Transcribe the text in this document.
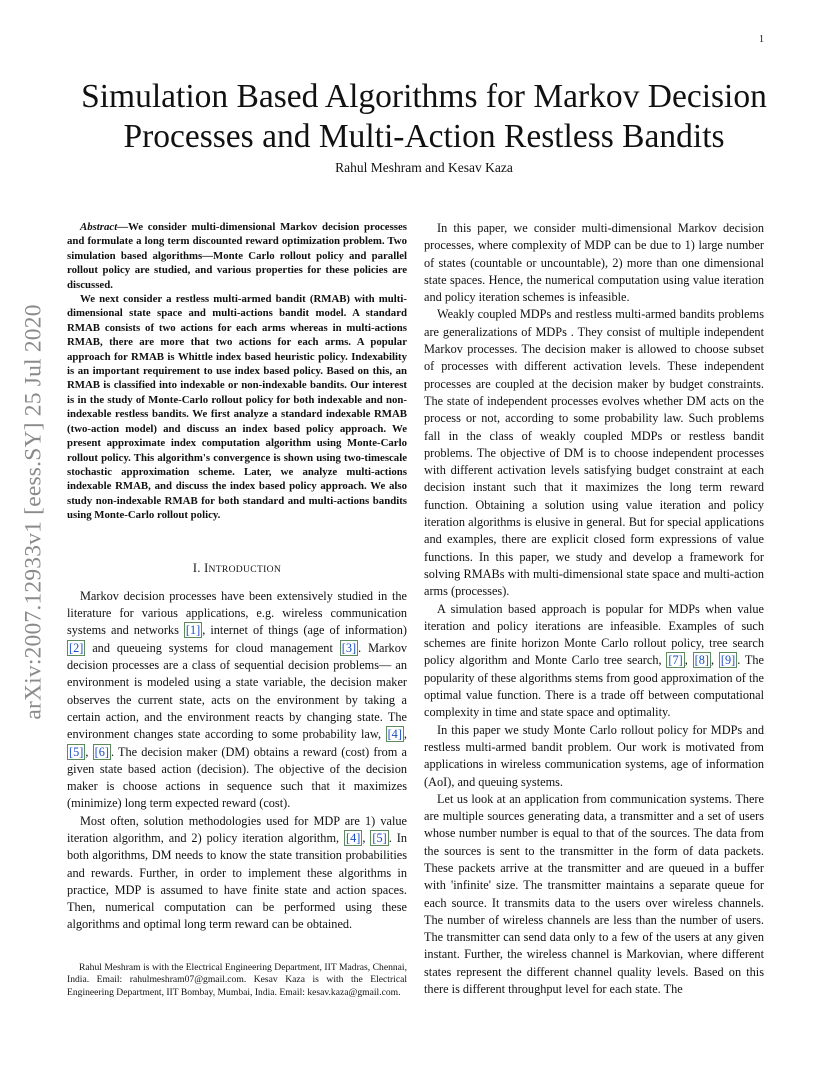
1
arXiv:2007.12933v1 [eess.SY] 25 Jul 2020
Simulation Based Algorithms for Markov Decision Processes and Multi-Action Restless Bandits
Rahul Meshram and Kesav Kaza

Abstract—We consider multi-dimensional Markov decision processes and formulate a long term discounted reward optimization problem. Two simulation based algorithms—Monte Carlo rollout policy and parallel rollout policy are studied, and various properties for these policies are discussed.

We next consider a restless multi-armed bandit (RMAB) with multi-dimensional state space and multi-actions bandit model. A standard RMAB consists of two actions for each arms whereas in multi-actions RMAB, there are more that two actions for each arms. A popular approach for RMAB is Whittle index based heuristic policy. Indexability is an important requirement to use index based policy. Based on this, an RMAB is classified into indexable or non-indexable bandits. Our interest is in the study of Monte-Carlo rollout policy for both indexable and non-indexable restless bandits. We first analyze a standard indexable RMAB (two-action model) and discuss an index based policy approach. We present approximate index computation algorithm using Monte-Carlo rollout policy. This algorithm's convergence is shown using two-timescale stochastic approximation scheme. Later, we analyze multi-actions indexable RMAB, and discuss the index based policy approach. We also study non-indexable RMAB for both standard and multi-actions bandits using Monte-Carlo rollout policy.

I. INTRODUCTION

Markov decision processes have been extensively studied in the literature for various applications, e.g. wireless communication systems and networks [1] , internet of things (age of information) [2] and queueing systems for cloud management [3] . Markov decision processes are a class of sequential decision problems— an environment is modeled using a state variable, the decision maker observes the current state, acts on the environment by taking a certain action, and the environment reacts by changing state. The environment changes state according to some probability law, [4] , [5] , [6] . The decision maker (DM) obtains a reward (cost) from a given state based action (decision). The objective of the decision maker is choose actions in sequence such that it maximizes (minimize) long term expected reward (cost).

Most often, solution methodologies used for MDP are 1) value iteration algorithm, and 2) policy iteration algorithm, [4] , [5] . In both algorithms, DM needs to know the state transition probabilities and rewards. Further, in order to implement these algorithms in practice, MDP is assumed to have finite state and action spaces. Then, numerical computation can be performed using these algorithms and optimal long term reward can be obtained.

Rahul Meshram is with the Electrical Engineering Department, IIT Madras, Chennai, India. Email: rahulmeshram07@gmail.com. Kesav Kaza is with the Electrical Engineering Department, IIT Bombay, Mumbai, India. Email: kesav.kaza@gmail.com.

In this paper, we consider multi-dimensional Markov decision processes, where complexity of MDP can be due to 1) large number of states (countable or uncountable), 2) more than one dimensional state spaces. Hence, the numerical computation using value iteration and policy iteration schemes is infeasible.

Weakly coupled MDPs and restless multi-armed bandits problems are generalizations of MDPs . They consist of multiple independent Markov processes. The decision maker is allowed to choose subset of processes with different activation levels. These independent processes are coupled at the decision maker by budget constraints. The state of independent processes evolves whether DM acts on the process or not, according to some probability law. Such problems fall in the class of weakly coupled MDPs or restless bandit problems. The objective of DM is to choose independent processes with different activation levels satisfying budget constraint at each decision instant such that it maximizes the long term reward function. Obtaining a solution using value iteration and policy iteration algorithms is elusive in general. But for special applications and examples, there are explicit closed form expressions of value functions. In this paper, we study and develop a framework for solving RMABs with multi-dimensional state space and multi-action arms (processes).

A simulation based approach is popular for MDPs when value iteration and policy iterations are infeasible. Examples of such schemes are finite horizon Monte Carlo rollout policy, tree search policy algorithm and Monte Carlo tree search, [7] , [8] , [9] . The popularity of these algorithms stems from good approximation of the optimal value function. There is a trade off between computational complexity in time and state space and optimality.

In this paper we study Monte Carlo rollout policy for MDPs and restless multi-armed bandit problem. Our work is motivated from applications in wireless communication systems, age of information (AoI), and queuing systems.

Let us look at an application from communication systems. There are multiple sources generating data, a transmitter and a set of users whose number number is equal to that of the sources. The data from the sources is sent to the transmitter in the form of data packets. These packets arrive at the transmitter and are queued in a buffer with 'infinite' size. The transmitter maintains a separate queue for each source. It transmits data to the users over wireless channels. The number of wireless channels are less than the number of users. The transmitter can send data only to a few of the users at any given instant. Further, the wireless channel is Markovian, where different states represent the different channel quality levels. Based on this there is different throughput level for each state. The
